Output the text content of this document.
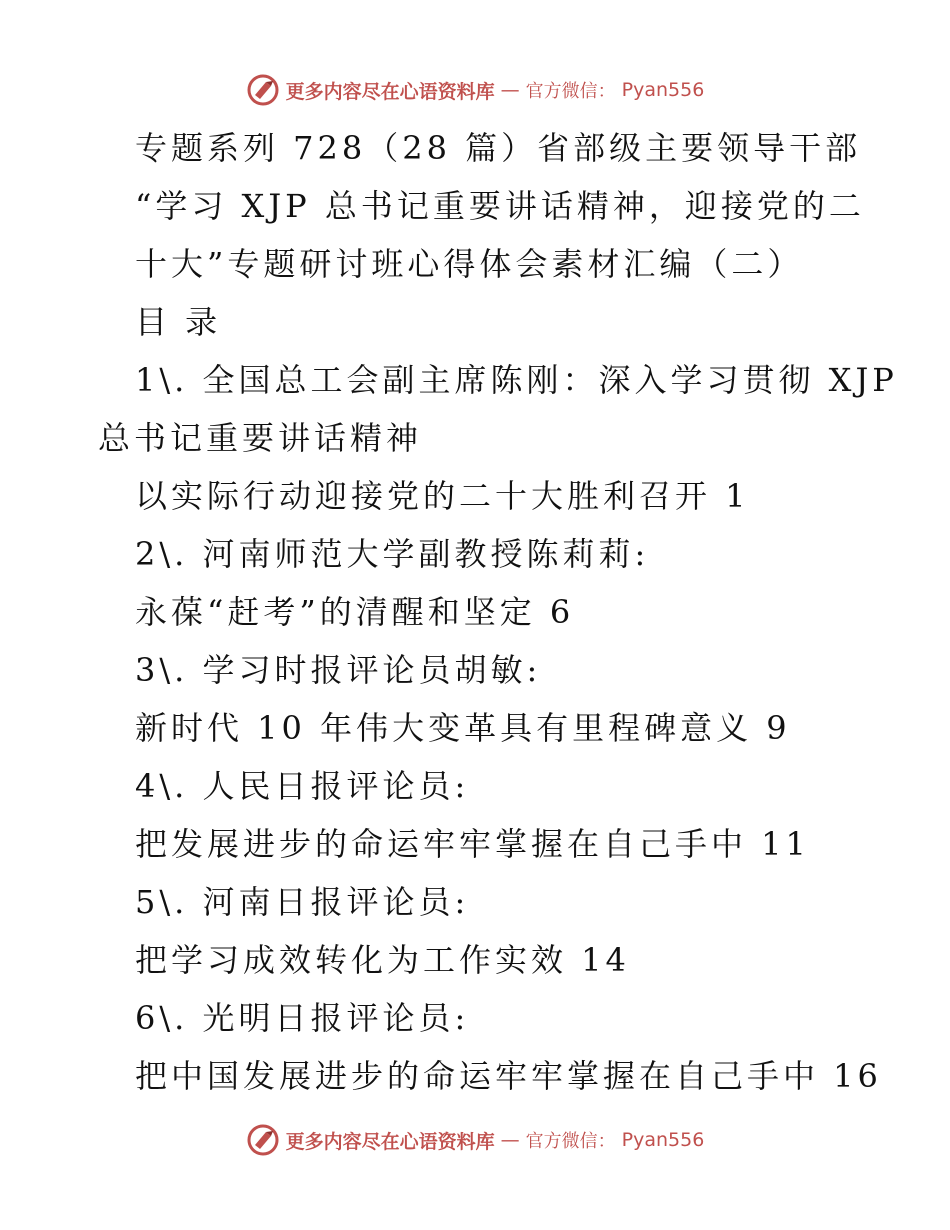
更多内容尽在心语资料库 — 官方微信： Pyan556
专题系列 728（28 篇）省部级主要领导干部
“学习 XJP 总书记重要讲话精神，迎接党的二
十大”专题研讨班心得体会素材汇编（二）
目 录
1\. 全国总工会副主席陈刚：深入学习贯彻 XJP
总书记重要讲话精神
以实际行动迎接党的二十大胜利召开 1
2\. 河南师范大学副教授陈莉莉:
永葆“赶考”的清醒和坚定 6
3\. 学习时报评论员胡敏:
新时代 10 年伟大变革具有里程碑意义 9
4\. 人民日报评论员:
把发展进步的命运牢牢掌握在自己手中 11
5\. 河南日报评论员:
把学习成效转化为工作实效 14
6\. 光明日报评论员:
把中国发展进步的命运牢牢掌握在自己手中 16
更多内容尽在心语资料库 — 官方微信： Pyan556
